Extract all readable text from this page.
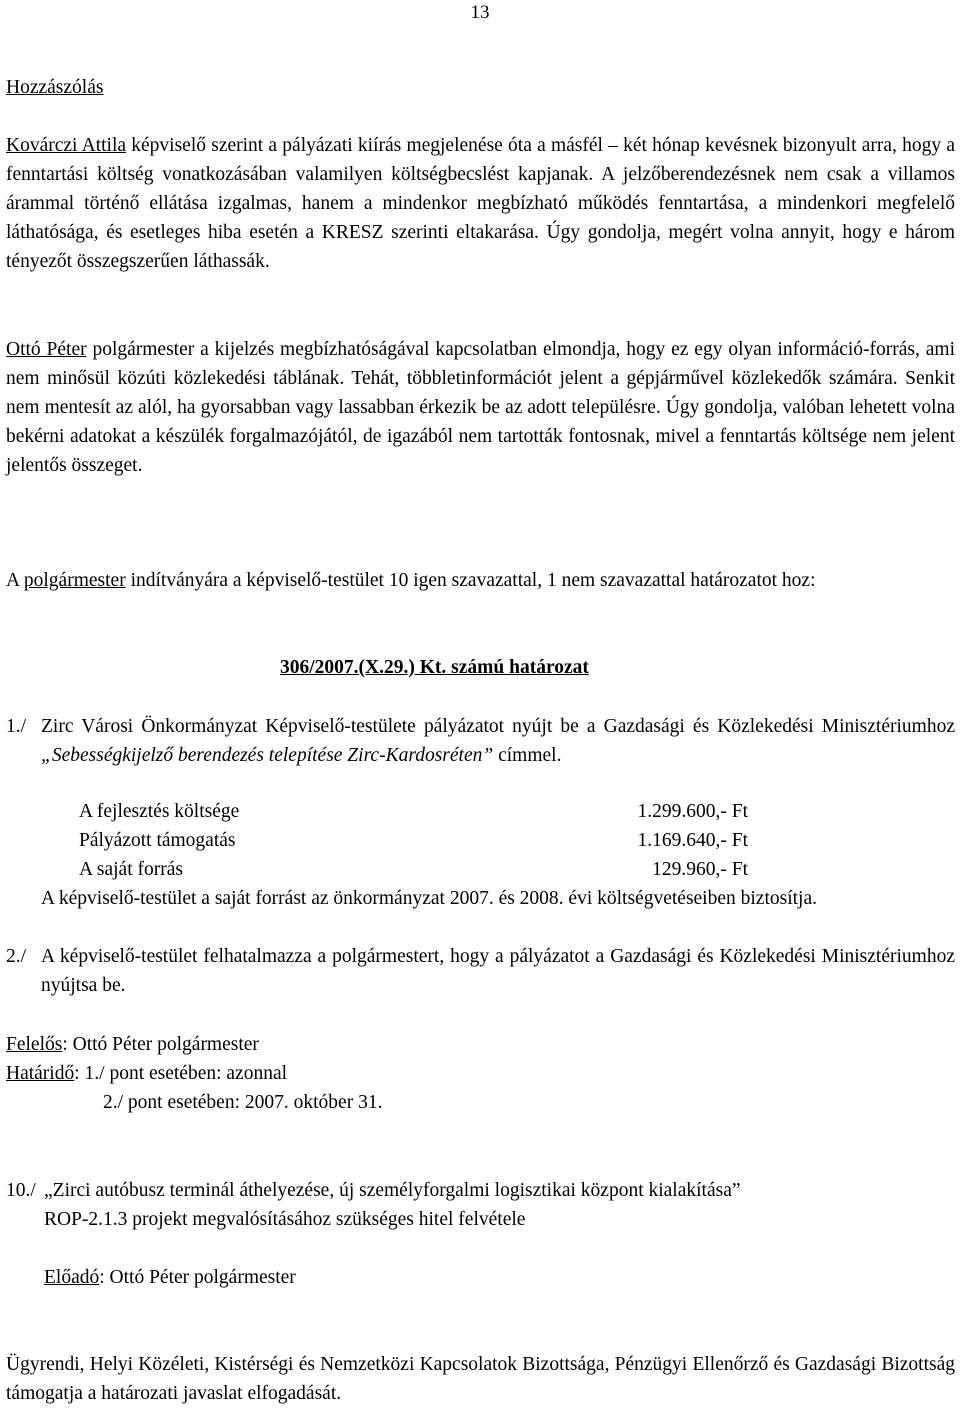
13
Hozzászólás
Kovárczi Attila képviselő szerint a pályázati kiírás megjelenése óta a másfél – két hónap kevésnek bizonyult arra, hogy a fenntartási költség vonatkozásában valamilyen költségbecslést kapjanak. A jelzőberendezésnek nem csak a villamos árammal történő ellátása izgalmas, hanem a mindenkor megbízható működés fenntartása, a mindenkori megfelelő láthatósága, és esetleges hiba esetén a KRESZ szerinti eltakarása. Úgy gondolja, megért volna annyit, hogy e három tényezőt összegszerűen láthassák.
Ottó Péter polgármester a kijelzés megbízhatóságával kapcsolatban elmondja, hogy ez egy olyan információ-forrás, ami nem minősül közúti közlekedési táblának. Tehát, többletinformációt jelent a gépjárművel közlekedők számára. Senkit nem mentesít az alól, ha gyorsabban vagy lassabban érkezik be az adott településre. Úgy gondolja, valóban lehetett volna bekérni adatokat a készülék forgalmazójától, de igazából nem tartották fontosnak, mivel a fenntartás költsége nem jelent jelentős összeget.
A polgármester indítványára a képviselő-testület 10 igen szavazattal, 1 nem szavazattal határozatot hoz:
306/2007.(X.29.) Kt. számú határozat
1./ Zirc Városi Önkormányzat Képviselő-testülete pályázatot nyújt be a Gazdasági és Közlekedési Minisztériumhoz „Sebességkijelző berendezés telepítése Zirc-Kardosréten” címmel.
A fejlesztés költsége	1.299.600,- Ft
Pályázott támogatás	1.169.640,- Ft
A saját forrás	129.960,- Ft
A képviselő-testület a saját forrást az önkormányzat 2007. és 2008. évi költségvetéseiben biztosítja.
2./ A képviselő-testület felhatalmazza a polgármestert, hogy a pályázatot a Gazdasági és Közlekedési Minisztériumhoz nyújtsa be.
Felelős: Ottó Péter polgármester
Határidő: 1./ pont esetében: azonnal
2./ pont esetében: 2007. október 31.
10./ „Zirci autóbusz terminál áthelyezése, új személyforgalmi logisztikai központ kialakítása”
ROP-2.1.3 projekt megvalósításához szükséges hitel felvétele
Előadó: Ottó Péter polgármester
Ügyrendi, Helyi Közéleti, Kistérségi és Nemzetközi Kapcsolatok Bizottsága, Pénzügyi Ellenőrző és Gazdasági Bizottság támogatja a határozati javaslat elfogadását.
